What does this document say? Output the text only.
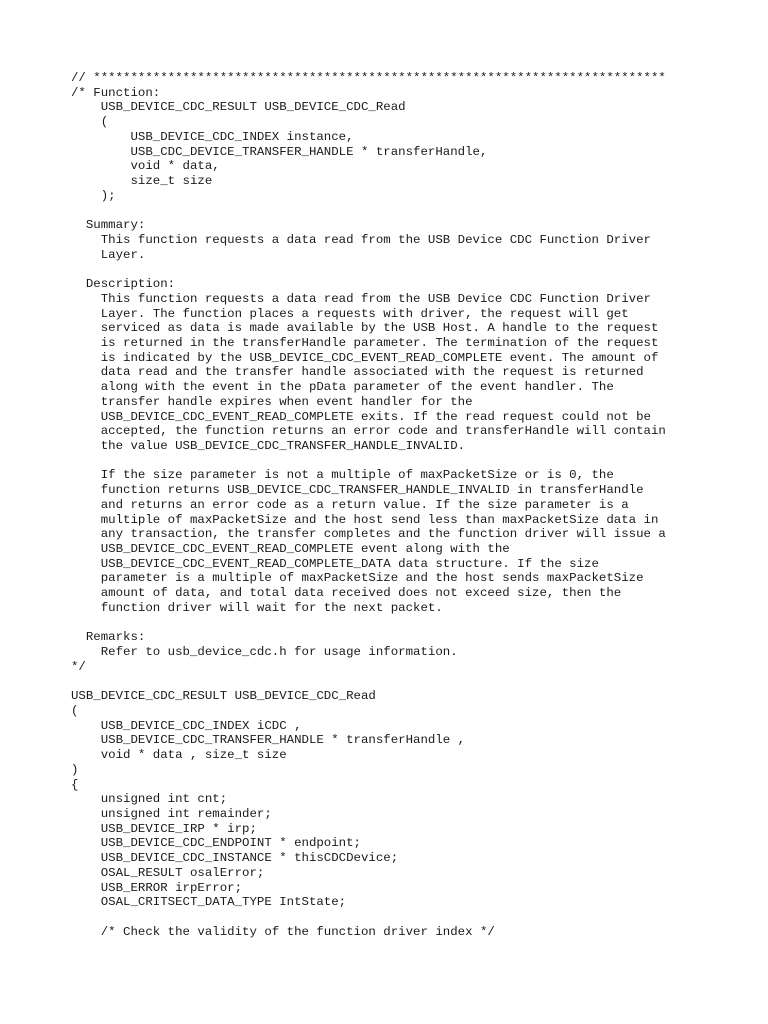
// *****************************************************************************
/* Function:
USB_DEVICE_CDC_RESULT USB_DEVICE_CDC_Read
(
USB_DEVICE_CDC_INDEX instance,
USB_CDC_DEVICE_TRANSFER_HANDLE * transferHandle,
void * data,
size_t size
);
Summary:
This function requests a data read from the USB Device CDC Function Driver
Layer.
Description:
This function requests a data read from the USB Device CDC Function Driver
Layer. The function places a requests with driver, the request will get
serviced as data is made available by the USB Host. A handle to the request
is returned in the transferHandle parameter. The termination of the request
is indicated by the USB_DEVICE_CDC_EVENT_READ_COMPLETE event. The amount of
data read and the transfer handle associated with the request is returned
along with the event in the pData parameter of the event handler. The
transfer handle expires when event handler for the
USB_DEVICE_CDC_EVENT_READ_COMPLETE exits. If the read request could not be
accepted, the function returns an error code and transferHandle will contain
the value USB_DEVICE_CDC_TRANSFER_HANDLE_INVALID.
If the size parameter is not a multiple of maxPacketSize or is 0, the
function returns USB_DEVICE_CDC_TRANSFER_HANDLE_INVALID in transferHandle
and returns an error code as a return value. If the size parameter is a
multiple of maxPacketSize and the host send less than maxPacketSize data in
any transaction, the transfer completes and the function driver will issue a
USB_DEVICE_CDC_EVENT_READ_COMPLETE event along with the
USB_DEVICE_CDC_EVENT_READ_COMPLETE_DATA data structure. If the size
parameter is a multiple of maxPacketSize and the host sends maxPacketSize
amount of data, and total data received does not exceed size, then the
function driver will wait for the next packet.
Remarks:
Refer to usb_device_cdc.h for usage information.
*/
USB_DEVICE_CDC_RESULT USB_DEVICE_CDC_Read
(
USB_DEVICE_CDC_INDEX iCDC ,
USB_DEVICE_CDC_TRANSFER_HANDLE * transferHandle ,
void * data , size_t size
)
{
unsigned int cnt;
unsigned int remainder;
USB_DEVICE_IRP * irp;
USB_DEVICE_CDC_ENDPOINT * endpoint;
USB_DEVICE_CDC_INSTANCE * thisCDCDevice;
OSAL_RESULT osalError;
USB_ERROR irpError;
OSAL_CRITSECT_DATA_TYPE IntState;
/* Check the validity of the function driver index */
